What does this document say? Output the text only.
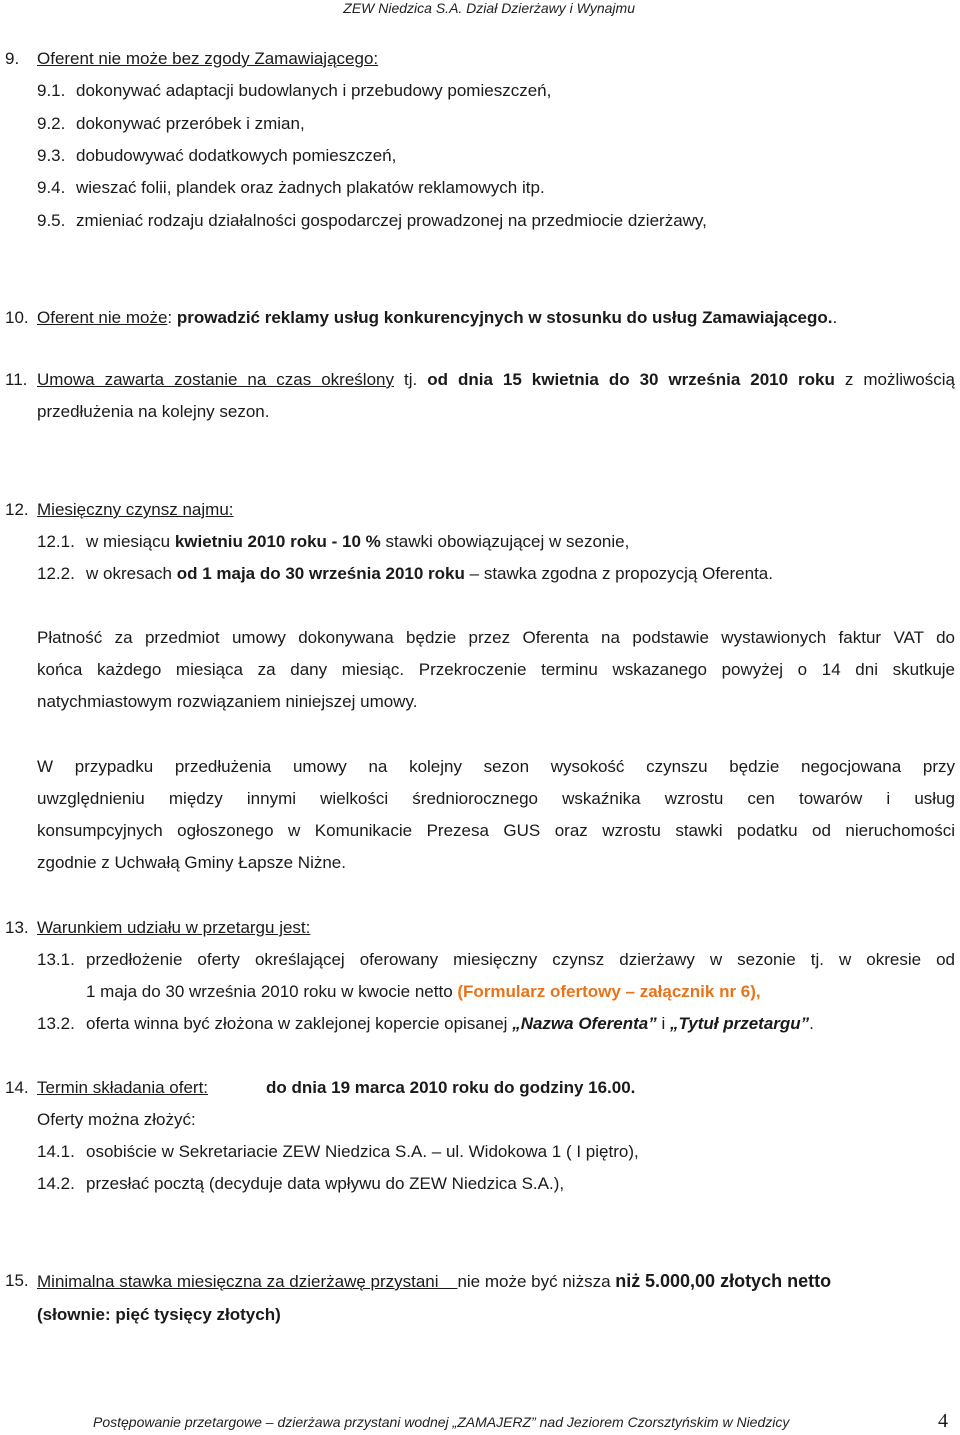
ZEW Niedzica S.A. Dział Dzierżawy i Wynajmu
9. Oferent nie może bez zgody Zamawiającego:
9.1. dokonywać adaptacji budowlanych i przebudowy pomieszczeń,
9.2. dokonywać przeróbek i zmian,
9.3. dobudowywać dodatkowych pomieszczeń,
9.4. wieszać folii, plandek oraz żadnych plakatów reklamowych itp.
9.5. zmieniać rodzaju działalności gospodarczej prowadzonej na przedmiocie dzierżawy,
10. Oferent nie może: prowadzić reklamy usług konkurencyjnych w stosunku do usług Zamawiającego..
11. Umowa zawarta zostanie na czas określony tj. od dnia 15 kwietnia do 30 września 2010 roku z możliwością
przedłużenia na kolejny sezon.
12. Miesięczny czynsz najmu:
12.1. w miesiącu kwietniu 2010 roku - 10 % stawki obowiązującej w sezonie,
12.2. w okresach od 1 maja do 30 września 2010 roku – stawka zgodna z propozycją Oferenta.
Płatność za przedmiot umowy dokonywana będzie przez Oferenta na podstawie wystawionych faktur VAT do
końca każdego miesiąca za dany miesiąc. Przekroczenie terminu wskazanego powyżej o 14 dni skutkuje
natychmiastowym rozwiązaniem niniejszej umowy.
W przypadku przedłużenia umowy na kolejny sezon wysokość czynszu będzie negocjowana przy
uwzględnieniu między innymi wielkości średniorocznego wskaźnika wzrostu cen towarów i usług
konsumpcyjnych ogłoszonego w Komunikacie Prezesa GUS oraz wzrostu stawki podatku od nieruchomości
zgodnie z Uchwałą Gminy Łapsze Niżne.
13. Warunkiem udziału w przetargu jest:
13.1. przedłożenie oferty określającej oferowany miesięczny czynsz dzierżawy w sezonie tj. w okresie od
1 maja do 30 września 2010 roku w kwocie netto (Formularz ofertowy – załącznik nr 6),
13.2. oferta winna być złożona w zaklejonej kopercie opisanej „Nazwa Oferenta” i „Tytuł przetargu”.
14. Termin składania ofert:	do dnia 19 marca 2010 roku do godziny 16.00.
Oferty można złożyć:
14.1. osobiście w Sekretariacie ZEW Niedzica S.A. – ul. Widokowa 1 ( I piętro),
14.2. przesłać pocztą (decyduje data wpływu do ZEW Niedzica S.A.),
15. Minimalna stawka miesięczna za dzierżawę przystani nie może być niższa niż 5.000,00 złotych netto
(słownie: pięć tysięcy złotych)
Postępowanie przetargowe – dzierżawa przystani wodnej „ZAMAJERZ” nad Jeziorem Czorsztyńskim w Niedzicy	4
